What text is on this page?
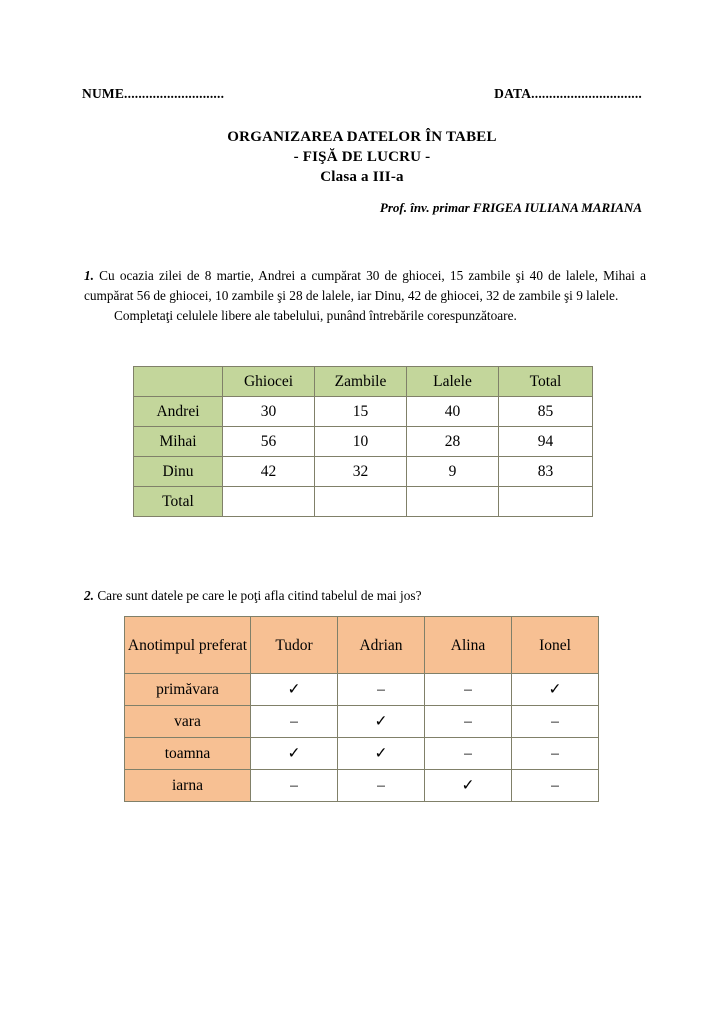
NUME............................	DATA...............................
ORGANIZAREA DATELOR ÎN TABEL
- FIŞĂ DE LUCRU -
Clasa a III-a
Prof. înv. primar FRIGEA IULIANA MARIANA
1. Cu ocazia zilei de 8 martie, Andrei a cumpărat 30 de ghiocei, 15 zambile şi 40 de lalele, Mihai a cumpărat 56 de ghiocei, 10 zambile şi 28 de lalele, iar Dinu, 42 de ghiocei, 32 de zambile şi 9 lalele.
Completaţi celulele libere ale tabelului, punând întrebările corespunzătoare.
	Ghiocei	Zambile	Lalele	Total
Andrei	30	15	40	85
Mihai	56	10	28	94
Dinu	42	32	9	83
Total				
2. Care sunt datele pe care le poţi afla citind tabelul de mai jos?
Anotimpul preferat	Tudor	Adrian	Alina	Ionel
primăvara	✓	–	–	✓
vara	–	✓	–	–
toamna	✓	✓	–	–
iarna	–	–	✓	–
